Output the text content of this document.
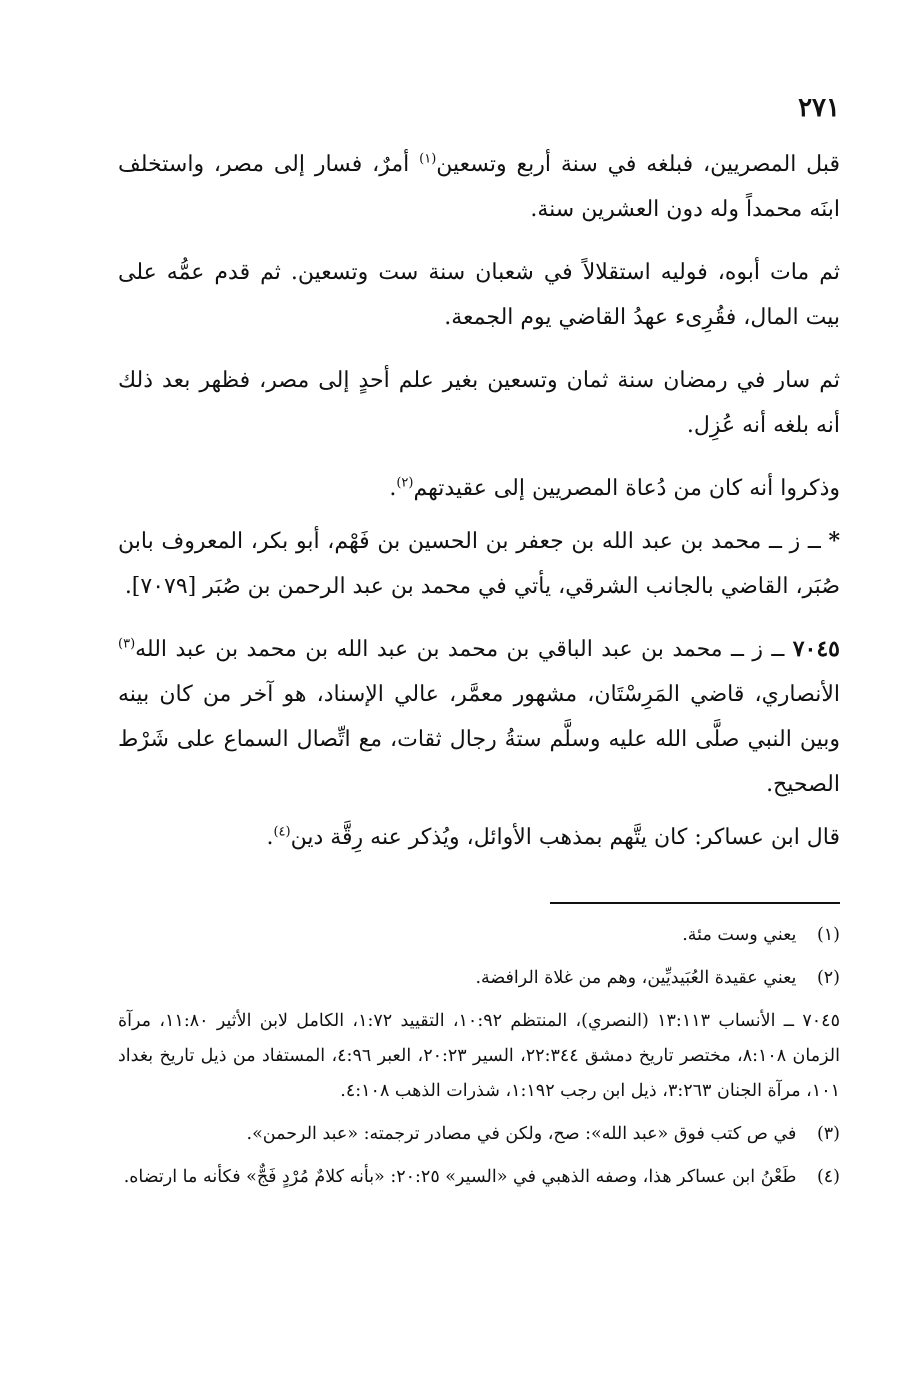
٢٧١

قبل المصريين، فبلغه في سنة أربع وتسعين$^{(١)}$ أمرٌ، فسار إلى مصر، واستخلف ابنَه محمداً وله دون العشرين سنة.

ثم مات أبوه، فوليه استقلالاً في شعبان سنة ست وتسعين. ثم قدم عمُّه على بيت المال، فقُرِىء عهدُ القاضي يوم الجمعة.

ثم سار في رمضان سنة ثمان وتسعين بغير علم أحدٍ إلى مصر، فظهر بعد ذلك أنه بلغه أنه عُزِل.

وذكروا أنه كان من دُعاة المصريين إلى عقيدتهم$^{(٢)}$.

* ــ ز ــ محمد بن عبد الله بن جعفر بن الحسين بن فَهْم، أبو بكر، المعروف بابن صُبَر، القاضي بالجانب الشرقي، يأتي في محمد بن عبد الرحمن بن صُبَر [٧٠٧٩].

٧٠٤٥ ــ ز ــ محمد بن عبد الباقي بن محمد بن عبد الله بن محمد بن عبد الله$^{(٣)}$ الأنصاري، قاضي المَرِسْتَان، مشهور معمَّر، عالي الإسناد، هو آخر من كان بينه وبين النبي صلَّى الله عليه وسلَّم ستةُ رجال ثقات، مع اتِّصال السماع على شَرْط الصحيح.

قال ابن عساكر: كان يتَّهم بمذهب الأوائل، ويُذكر عنه رِقَّة دين$^{(٤)}$.

(١) يعني وست مئة.

(٢) يعني عقيدة العُبَيديِّين، وهم من غلاة الرافضة.

٧٠٤٥ ــ الأنساب ١٣:١١٣ (النصري)، المنتظم ١٠:٩٢، التقييد ١:٧٢، الكامل لابن الأثير ١١:٨٠، مرآة الزمان ٨:١٠٨، مختصر تاريخ دمشق ٢٢:٣٤٤، السير ٢٠:٢٣، العبر ٤:٩٦، المستفاد من ذيل تاريخ بغداد ١٠١، مرآة الجنان ٣:٢٦٣، ذيل ابن رجب ١:١٩٢، شذرات الذهب ٤:١٠٨.

(٣) في ص كتب فوق «عبد الله»: صح، ولكن في مصادر ترجمته: «عبد الرحمن».

(٤) طَعْنُ ابن عساكر هذا، وصفه الذهبي في «السير» ٢٠:٢٥: «بأنه كلامٌ مُرْدٍ فَجٌّ» فكأنه ما ارتضاه.
